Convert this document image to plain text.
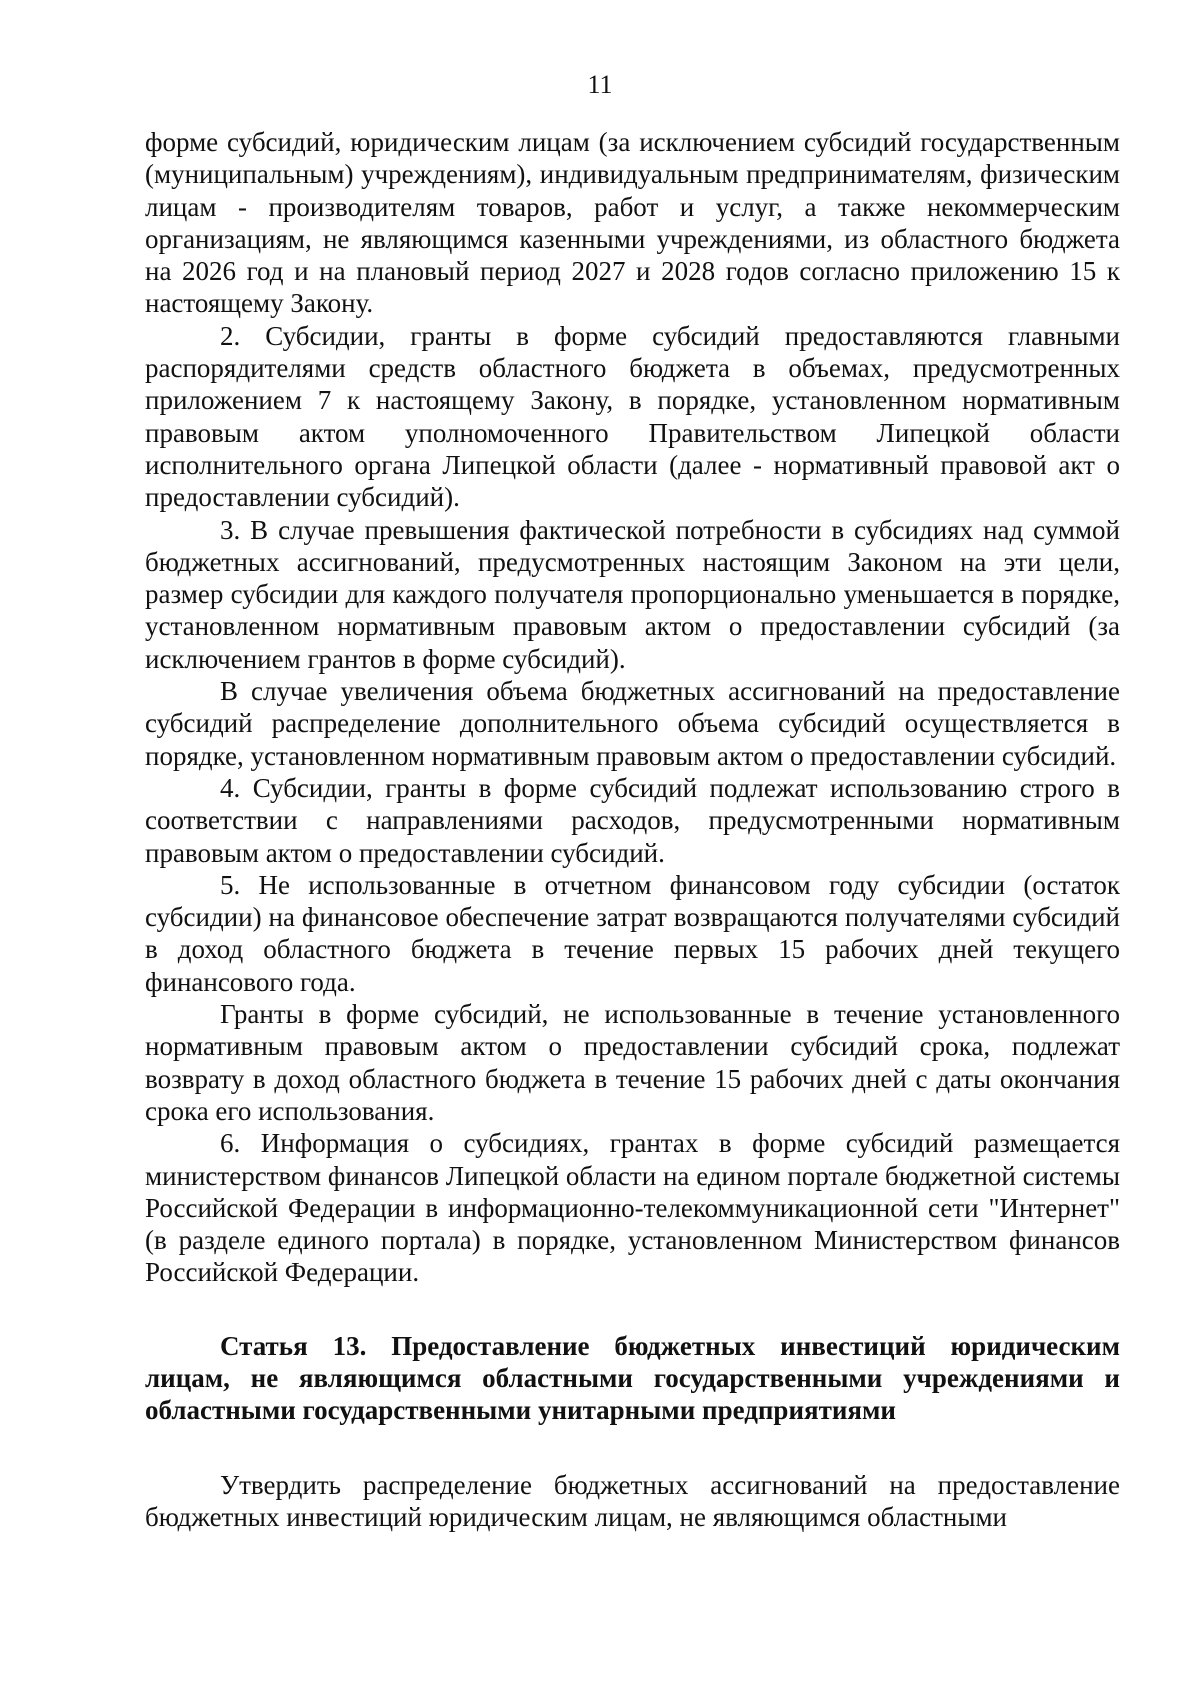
11

форме субсидий, юридическим лицам (за исключением субсидий государственным (муниципальным) учреждениям), индивидуальным предпринимателям, физическим лицам - производителям товаров, работ и услуг, а также некоммерческим организациям, не являющимся казенными учреждениями, из областного бюджета на 2026 год и на плановый период 2027 и 2028 годов согласно приложению 15 к настоящему Закону.

2. Субсидии, гранты в форме субсидий предоставляются главными распорядителями средств областного бюджета в объемах, предусмотренных приложением 7 к настоящему Закону, в порядке, установленном нормативным правовым актом уполномоченного Правительством Липецкой области исполнительного органа Липецкой области (далее - нормативный правовой акт о предоставлении субсидий).

3. В случае превышения фактической потребности в субсидиях над суммой бюджетных ассигнований, предусмотренных настоящим Законом на эти цели, размер субсидии для каждого получателя пропорционально уменьшается в порядке, установленном нормативным правовым актом о предоставлении субсидий (за исключением грантов в форме субсидий).

В случае увеличения объема бюджетных ассигнований на предоставление субсидий распределение дополнительного объема субсидий осуществляется в порядке, установленном нормативным правовым актом о предоставлении субсидий.

4. Субсидии, гранты в форме субсидий подлежат использованию строго в соответствии с направлениями расходов, предусмотренными нормативным правовым актом о предоставлении субсидий.

5. Не использованные в отчетном финансовом году субсидии (остаток субсидии) на финансовое обеспечение затрат возвращаются получателями субсидий в доход областного бюджета в течение первых 15 рабочих дней текущего финансового года.

Гранты в форме субсидий, не использованные в течение установленного нормативным правовым актом о предоставлении субсидий срока, подлежат возврату в доход областного бюджета в течение 15 рабочих дней с даты окончания срока его использования.

6. Информация о субсидиях, грантах в форме субсидий размещается министерством финансов Липецкой области на едином портале бюджетной системы Российской Федерации в информационно-телекоммуникационной сети "Интернет" (в разделе единого портала) в порядке, установленном Министерством финансов Российской Федерации.

Статья 13. Предоставление бюджетных инвестиций юридическим лицам, не являющимся областными государственными учреждениями и областными государственными унитарными предприятиями

Утвердить распределение бюджетных ассигнований на предоставление бюджетных инвестиций юридическим лицам, не являющимся областными
